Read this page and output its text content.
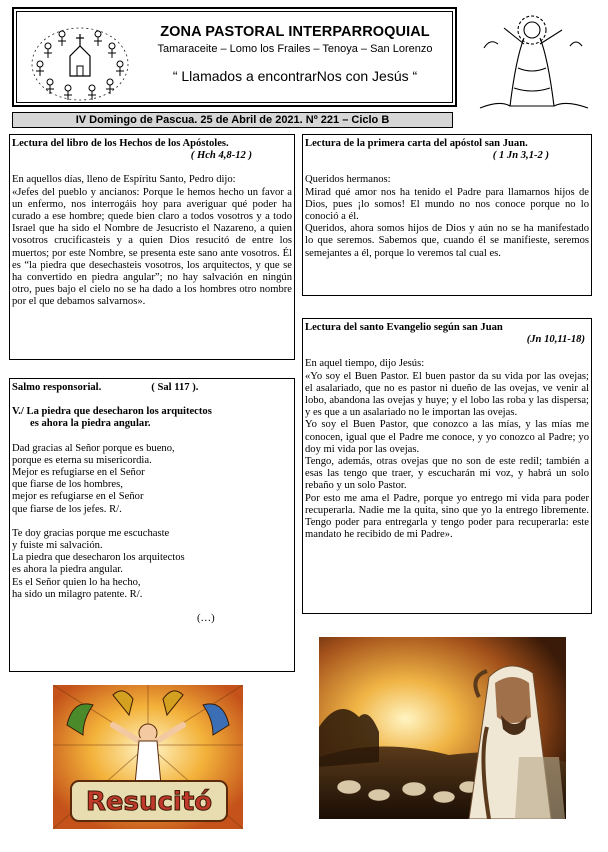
ZONA PASTORAL INTERPARROQUIAL
Tamaraceite – Lomo los Frailes – Tenoya – San Lorenzo
“ Llamados a encontrarNos con Jesús “
IV Domingo de Pascua. 25 de Abril de 2021. Nº 221 – Ciclo B
Lectura del libro de los Hechos de los Apóstoles.
( Hch 4,8-12 )

En aquellos días, lleno de Espíritu Santo, Pedro dijo:

«Jefes del pueblo y ancianos: Porque le hemos hecho un favor a un enfermo, nos interrogáis hoy para averiguar qué poder ha curado a ese hombre; quede bien claro a todos vosotros y a todo Israel que ha sido el Nombre de Jesucristo el Nazareno, a quien vosotros crucificasteis y a quien Dios resucitó de entre los muertos; por este Nombre, se presenta este sano ante vosotros. Él es “la piedra que desechasteis vosotros, los arquitectos, y que se ha convertido en piedra angular”; no hay salvación en ningún otro, pues bajo el cielo no se ha dado a los hombres otro nombre por el que debamos salvarnos».

Lectura de la primera carta del apóstol san Juan.
( 1 Jn 3,1-2 )

Queridos hermanos:

Mirad qué amor nos ha tenido el Padre para llamarnos hijos de Dios, pues ¡lo somos! El mundo no nos conoce porque no lo conoció a él.

Queridos, ahora somos hijos de Dios y aún no se ha manifestado lo que seremos. Sabemos que, cuando él se manifieste, seremos semejantes a él, porque lo veremos tal cual es.

Salmo responsorial.	( Sal 117 ).
V./ La piedra que desecharon los arquitectos
es ahora la piedra angular.
Dad gracias al Señor porque es bueno,
porque es eterna su misericordia.
Mejor es refugiarse en el Señor
que fiarse de los hombres,
mejor es refugiarse en el Señor
que fiarse de los jefes. R/.
Te doy gracias porque me escuchaste
y fuiste mi salvación.
La piedra que desecharon los arquitectos
es ahora la piedra angular.
Es el Señor quien lo ha hecho,
ha sido un milagro patente. R/.
(…)
Lectura del santo Evangelio según san Juan
(Jn 10,11-18)

En aquel tiempo, dijo Jesús:

«Yo soy el Buen Pastor. El buen pastor da su vida por las ovejas; el asalariado, que no es pastor ni dueño de las ovejas, ve venir al lobo, abandona las ovejas y huye; y el lobo las roba y las dispersa; y es que a un asalariado no le importan las ovejas.

Yo soy el Buen Pastor, que conozco a las mías, y las mías me conocen, igual que el Padre me conoce, y yo conozco al Padre; yo doy mi vida por las ovejas.

Tengo, además, otras ovejas que no son de este redil; también a esas las tengo que traer, y escucharán mi voz, y habrá un solo rebaño y un solo Pastor.

Por esto me ama el Padre, porque yo entrego mi vida para poder recuperarla. Nadie me la quita, sino que yo la entrego libremente. Tengo poder para entregarla y tengo poder para recuperarla: este mandato he recibido de mi Padre».

Resucitó
